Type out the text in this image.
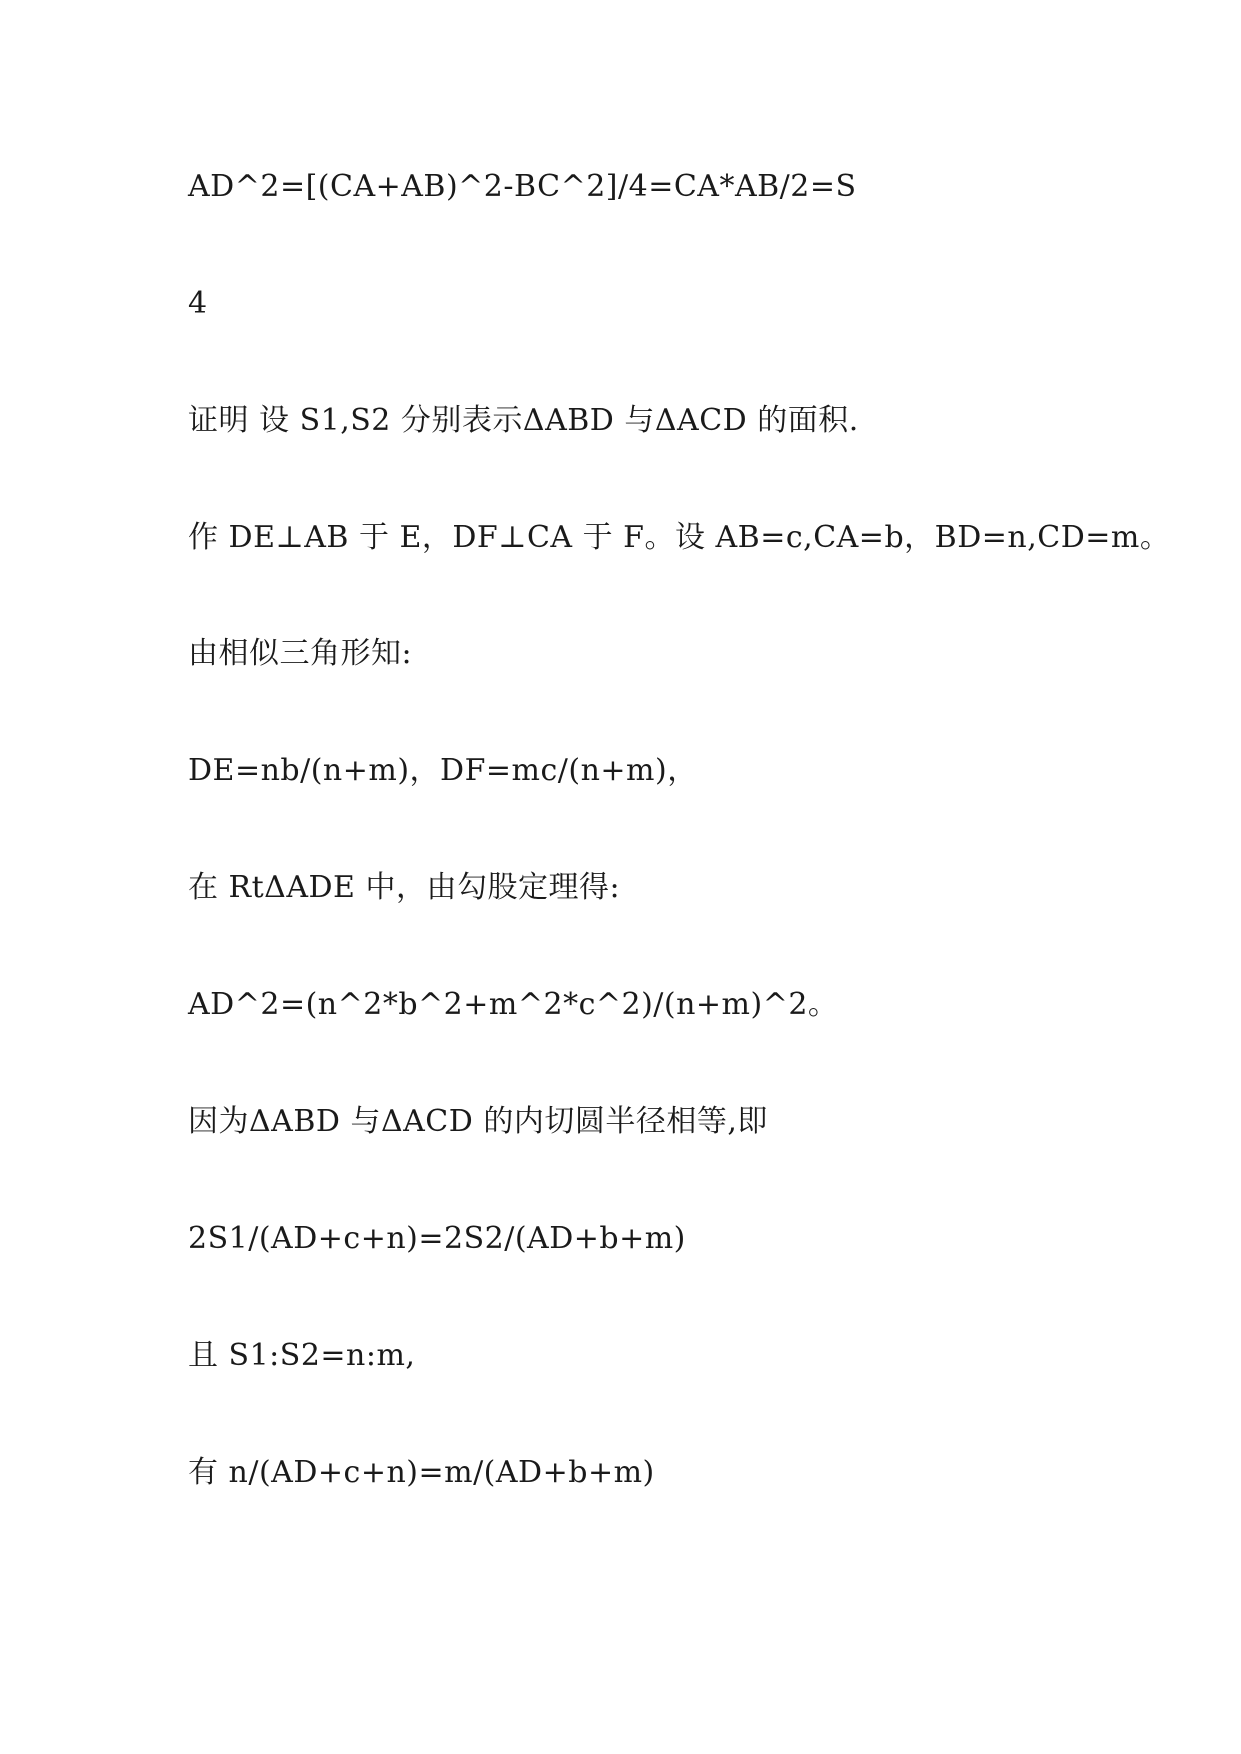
AD^2=[(CA+AB)^2-BC^2]/4=CA*AB/2=S

4

证明 设 S1,S2 分别表示ΔABD 与ΔACD 的面积.

作 DE⊥AB 于 E，DF⊥CA 于 F。设 AB=c,CA=b，BD=n,CD=m。

由相似三角形知:

DE=nb/(n+m)，DF=mc/(n+m)，

在 RtΔADE 中，由勾股定理得:

AD^2=(n^2*b^2+m^2*c^2)/(n+m)^2。

因为ΔABD 与ΔACD 的内切圆半径相等,即

2S1/(AD+c+n)=2S2/(AD+b+m)

且 S1:S2=n:m,

有 n/(AD+c+n)=m/(AD+b+m)
